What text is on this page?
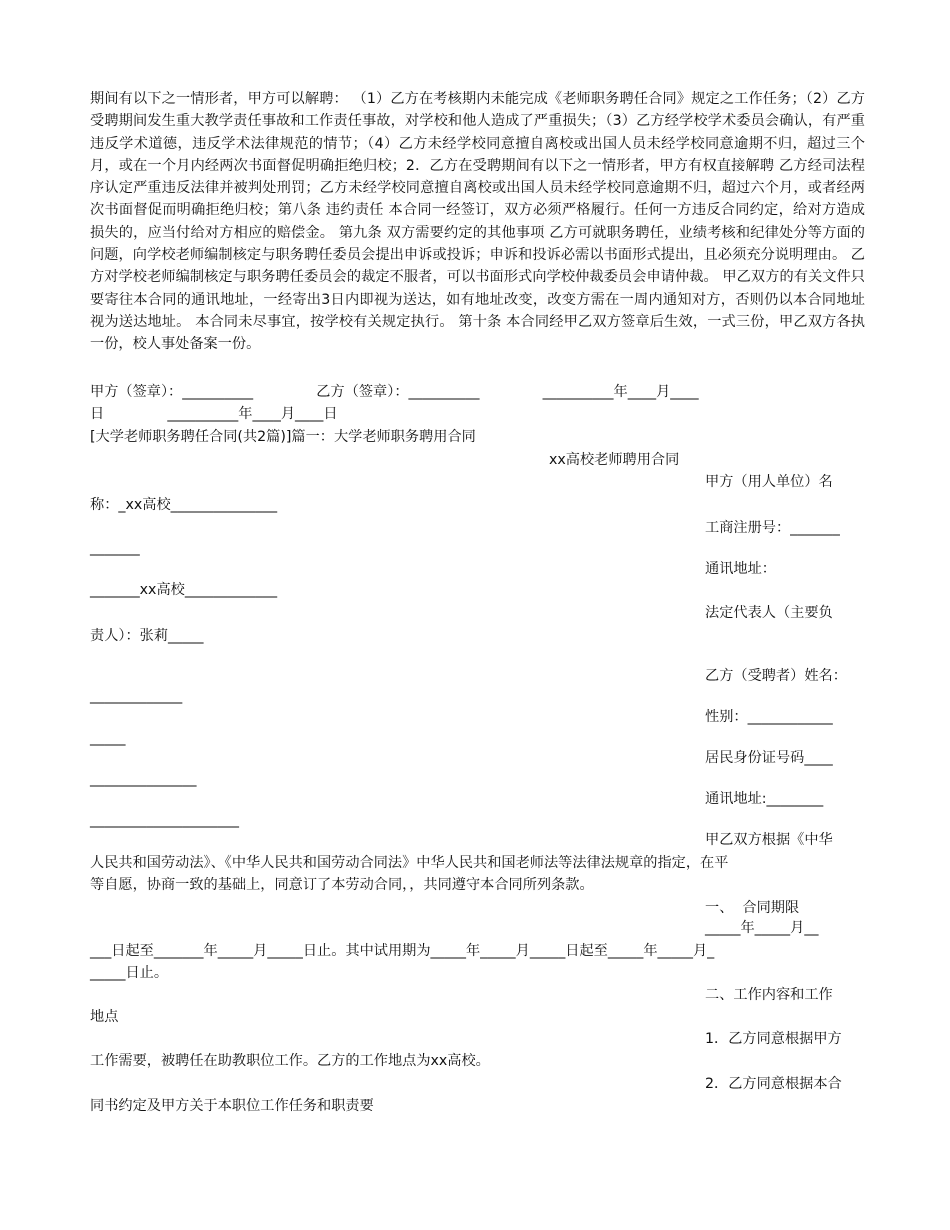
期间有以下之一情形者，甲方可以解聘： （1）乙方在考核期内未能完成《老师职务聘任合同》规定之工作任务；（2）乙方受聘期间发生重大教学责任事故和工作责任事故，对学校和他人造成了严重损失；（3）乙方经学校学术委员会确认，有严重违反学术道德，违反学术法律规范的情节；（4）乙方未经学校同意擅自离校或出国人员未经学校同意逾期不归，超过三个月，或在一个月内经两次书面督促明确拒绝归校；2．乙方在受聘期间有以下之一情形者，甲方有权直接解聘 乙方经司法程序认定严重违反法律并被判处刑罚；乙方未经学校同意擅自离校或出国人员未经学校同意逾期不归，超过六个月，或者经两次书面督促而明确拒绝归校；第八条 违约责任 本合同一经签订，双方必须严格履行。任何一方违反合同约定，给对方造成损失的，应当付给对方相应的赔偿金。 第九条 双方需要约定的其他事项 乙方可就职务聘任，业绩考核和纪律处分等方面的问题，向学校老师编制核定与职务聘任委员会提出申诉或投诉；申诉和投诉必需以书面形式提出，且必须充分说明理由。 乙方对学校老师编制核定与职务聘任委员会的裁定不服者，可以书面形式向学校仲裁委员会申请仲裁。 甲乙双方的有关文件只要寄往本合同的通讯地址，一经寄出3日内即视为送达，如有地址改变，改变方需在一周内通知对方，否则仍以本合同地址视为送达地址。 本合同未尽事宜，按学校有关规定执行。 第十条 本合同经甲乙双方签章后生效，一式三份，甲乙双方各执一份，校人事处备案一份。

甲方（签章）：__________              乙方（签章）：__________              __________年____月____

日              __________年____月____日

[大学老师职务聘任合同(共2篇)]篇一：大学老师职务聘用合同

xx高校老师聘用合同

甲方（用人单位）名

称：_xx高校_______________

工商注册号：_______

_______

通讯地址：

_______xx高校_____________

法定代表人（主要负

责人）：张莉_____

乙方（受聘者）姓名：

_____________

性别：____________

_____

居民身份证号码____

_______________

通讯地址:________

_____________________

甲乙双方根据《中华

人民共和国劳动法》、《中华人民共和国劳动合同法》中华人民共和国老师法等法律法规章的指定，在平

等自愿，协商一致的基础上，同意订了本劳动合同，，共同遵守本合同所列条款。

一、  合同期限

_____年_____月__

___日起至_______年_____月_____日止。其中试用期为_____年_____月_____日起至_____年_____月_

_____日止。

二、工作内容和工作

地点

1．乙方同意根据甲方

工作需要，被聘任在助教职位工作。乙方的工作地点为xx高校。

2．乙方同意根据本合

同书约定及甲方关于本职位工作任务和职责要
